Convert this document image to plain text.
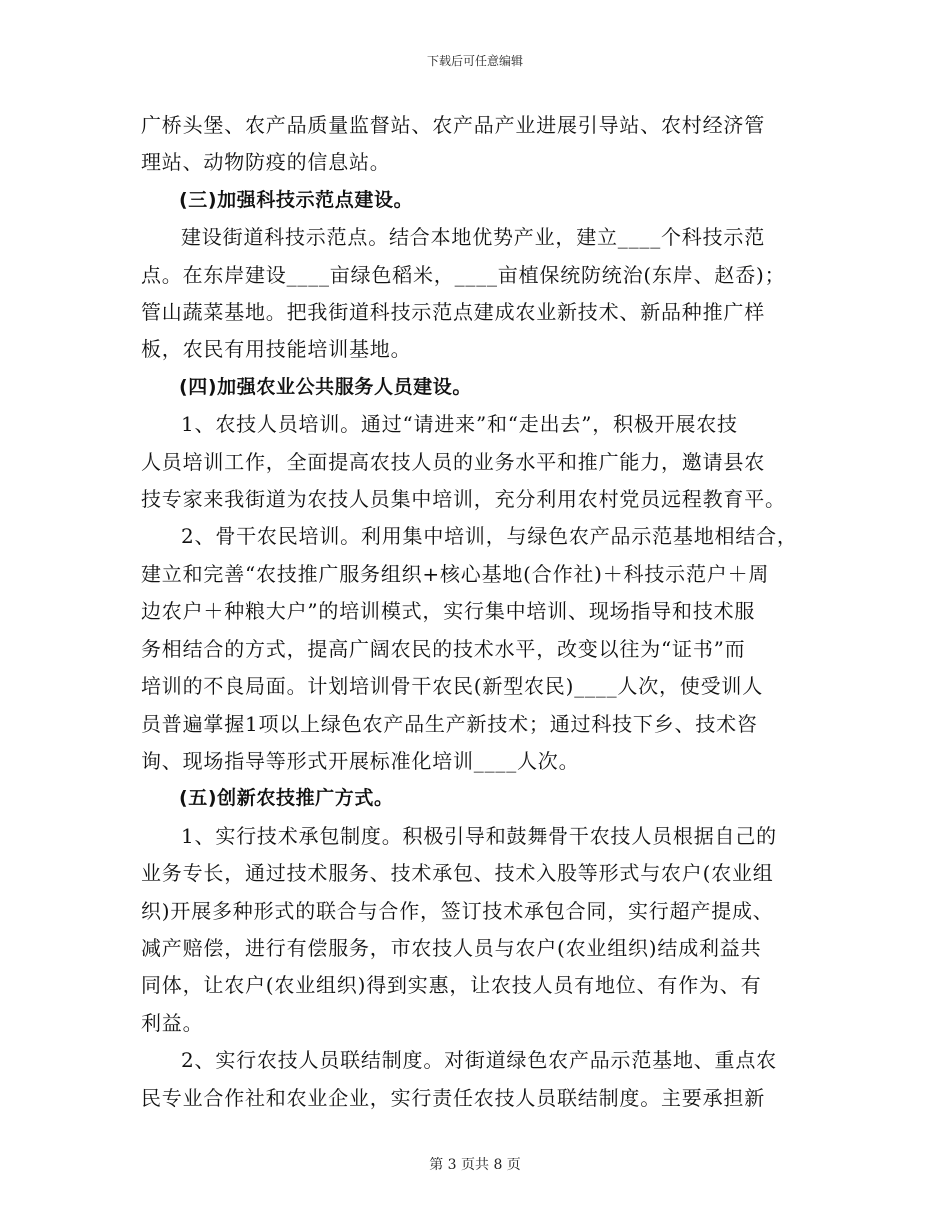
下载后可任意编辑

广桥头堡、农产品质量监督站、农产品产业进展引导站、农村经济管
理站、动物防疫的信息站。

(三)加强科技示范点建设。

建设街道科技示范点。结合本地优势产业，建立____个科技示范
点。在东岸建设____亩绿色稻米，____亩植保统防统治(东岸、赵岙)；
管山蔬菜基地。把我街道科技示范点建成农业新技术、新品种推广样
板，农民有用技能培训基地。

(四)加强农业公共服务人员建设。

1、农技人员培训。通过“请进来”和“走出去”，积极开展农技
人员培训工作，全面提高农技人员的业务水平和推广能力，邀请县农
技专家来我街道为农技人员集中培训，充分利用农村党员远程教育平。

2、骨干农民培训。利用集中培训，与绿色农产品示范基地相结合，
建立和完善“农技推广服务组织+核心基地(合作社)＋科技示范户＋周
边农户＋种粮大户”的培训模式，实行集中培训、现场指导和技术服
务相结合的方式，提高广阔农民的技术水平，改变以往为“证书”而
培训的不良局面。计划培训骨干农民(新型农民)____人次，使受训人
员普遍掌握1项以上绿色农产品生产新技术；通过科技下乡、技术咨
询、现场指导等形式开展标准化培训____人次。

(五)创新农技推广方式。

1、实行技术承包制度。积极引导和鼓舞骨干农技人员根据自己的
业务专长，通过技术服务、技术承包、技术入股等形式与农户(农业组
织)开展多种形式的联合与合作，签订技术承包合同，实行超产提成、
减产赔偿，进行有偿服务，市农技人员与农户(农业组织)结成利益共
同体，让农户(农业组织)得到实惠，让农技人员有地位、有作为、有
利益。

2、实行农技人员联结制度。对街道绿色农产品示范基地、重点农
民专业合作社和农业企业，实行责任农技人员联结制度。主要承担新

第 3 页共 8 页
